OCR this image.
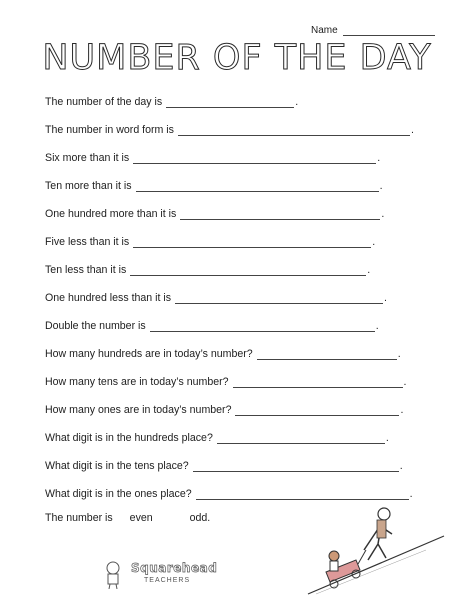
Name
NUMBER OF THE DAY
The number of the day is	.
The number in word form is	.
Six more than it is	.
Ten more than it is	.
One hundred more than it is	.
Five less than it is	.
Ten less than it is	.
One hundred less than it is	.
Double the number is	.
How many hundreds are in today’s number?	.
How many tens are in today’s number?	.
How many ones are in today’s number?	.
What digit is in the hundreds place?	.
What digit is in the tens place?	.
What digit is in the ones place?	.
The number is even	odd.
Squarehead
TEACHERS
